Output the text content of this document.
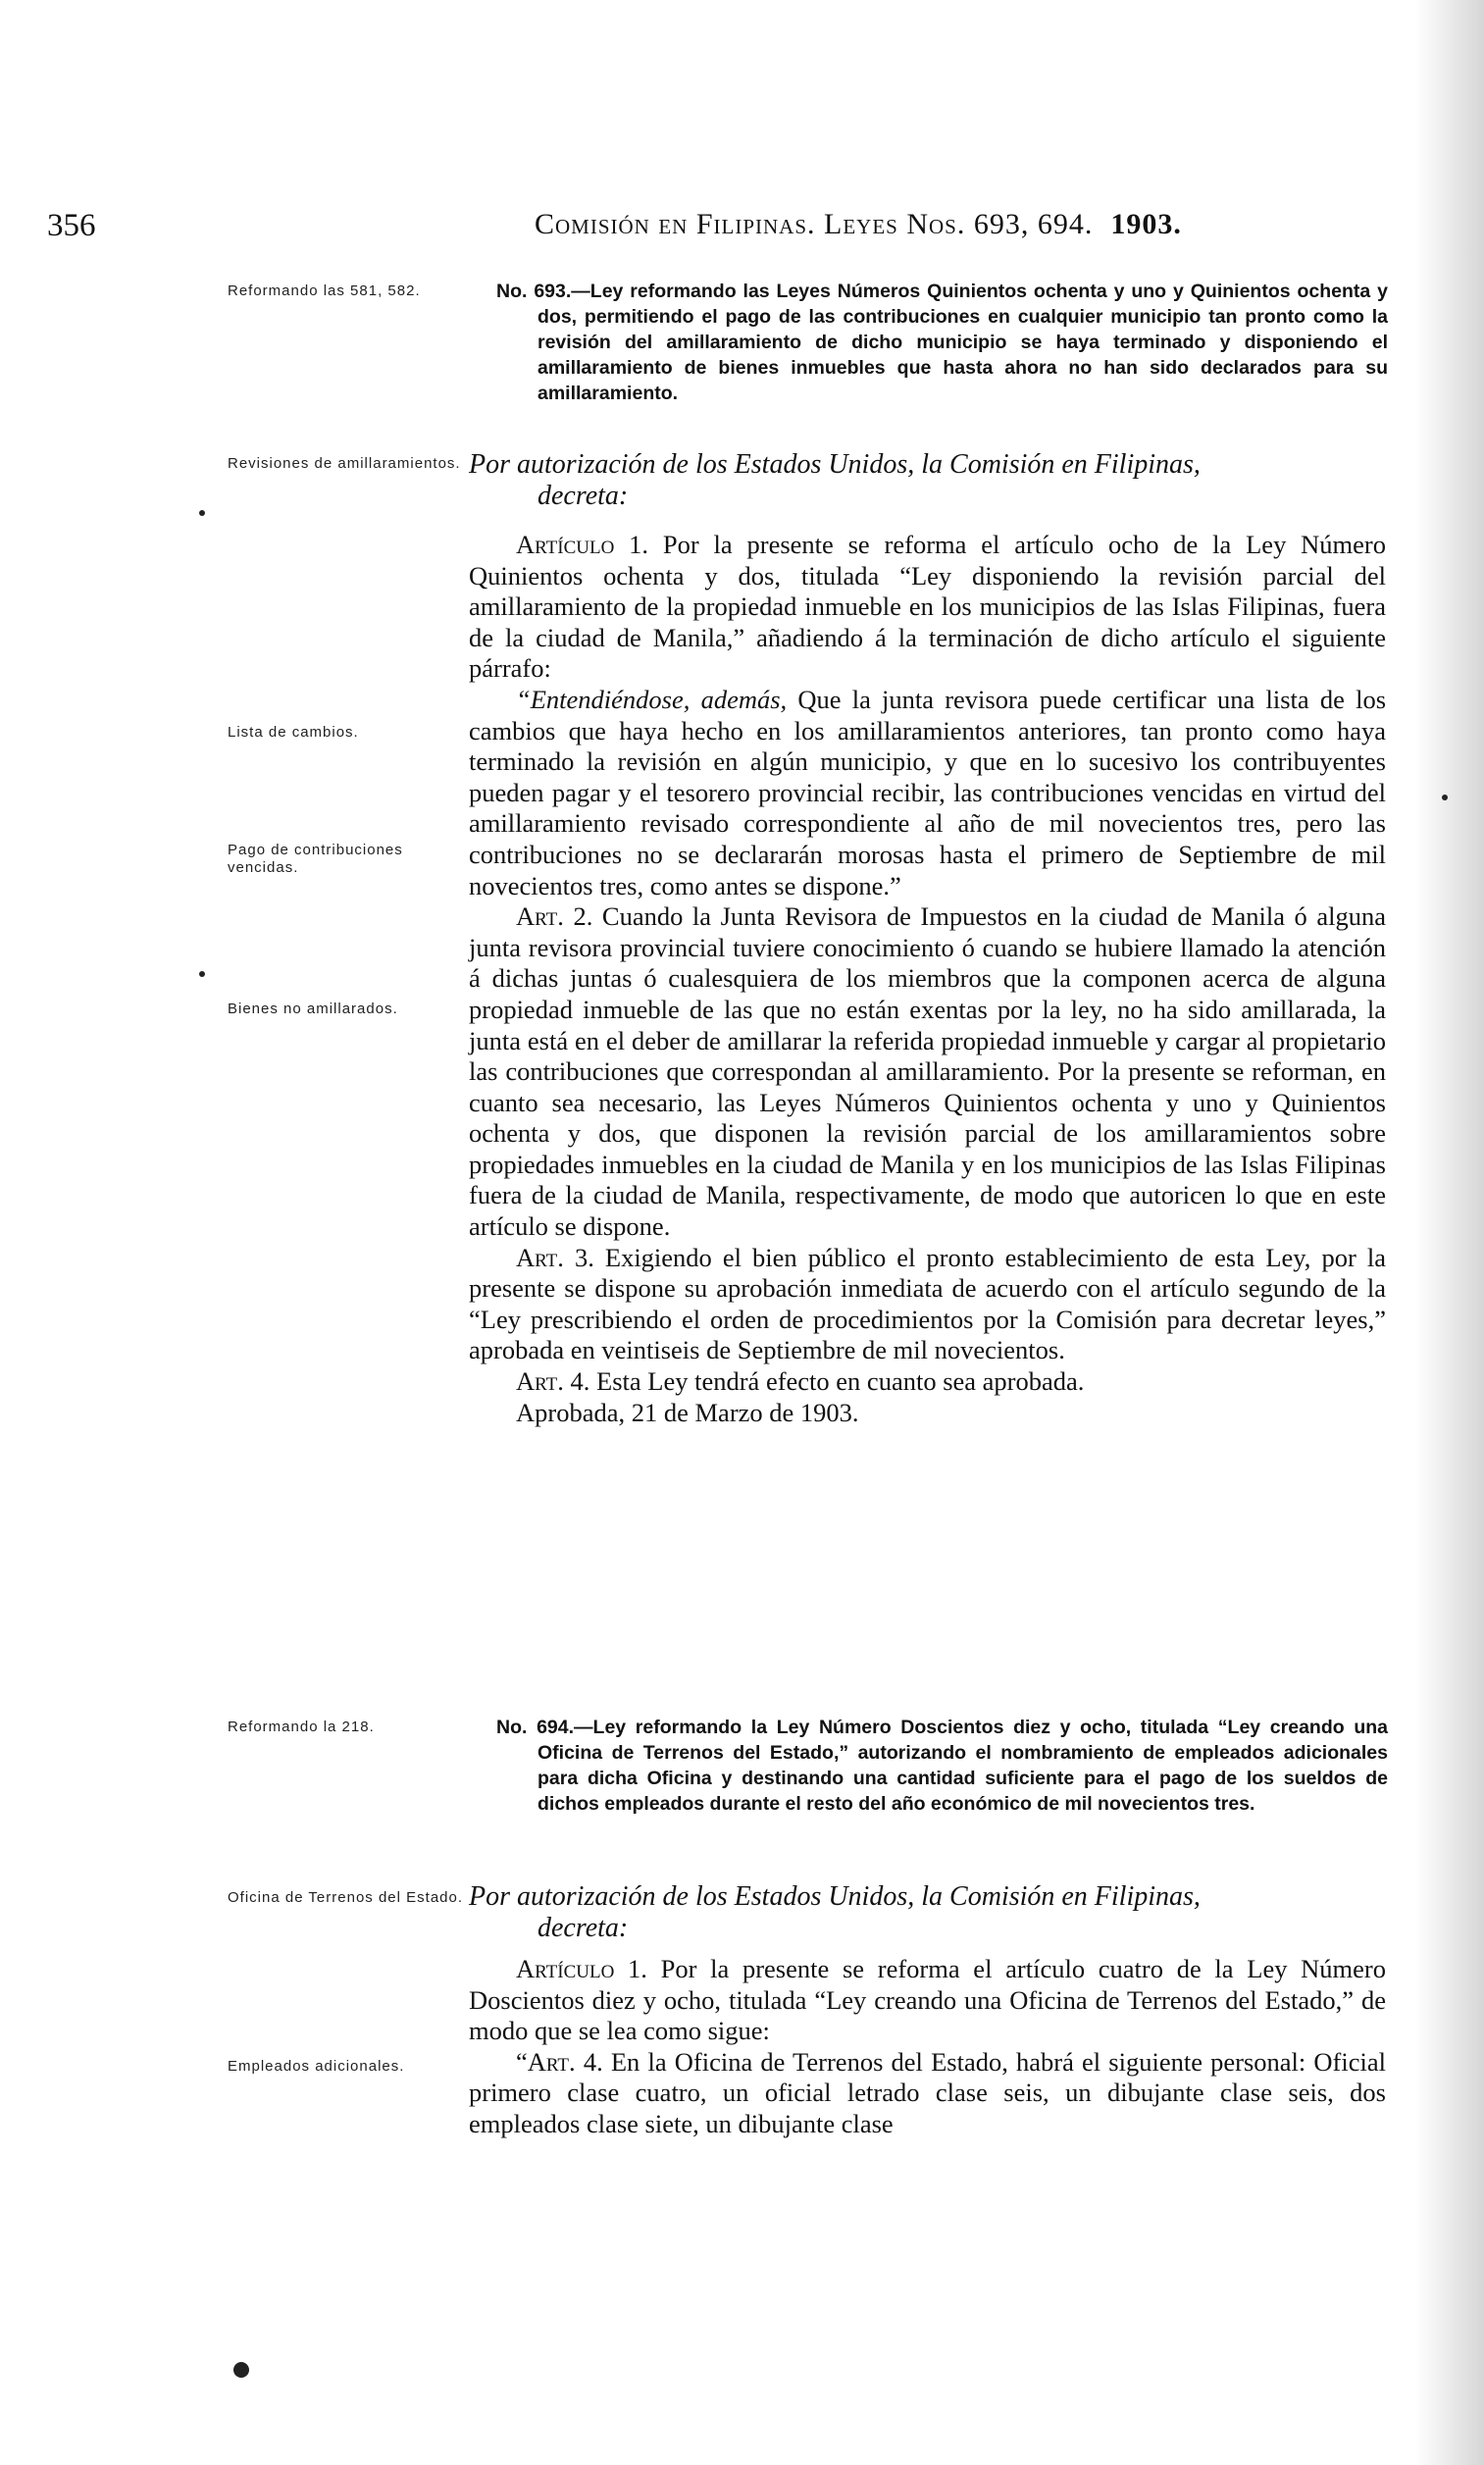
356	Comisión en Filipinas. Leyes Nos. 693, 694. 1903.
Reformando las 581, 582.	No. 693.—Ley reformando las Leyes Números Quinientos ochenta y uno y Quinientos ochenta y dos, permitiendo el pago de las contribuciones en cualquier municipio tan pronto como la revisión del amillaramiento de dicho municipio se haya terminado y disponiendo el amillaramiento de bienes inmuebles que hasta ahora no han sido declarados para su amillaramiento.
Revisiones de amillaramientos. Por autorización de los Estados Unidos, la Comisión en Filipinas,
decreta:
Lista de cambios.
Pago de contribuciones vencidas.
Bienes no amillarados.

Artículo 1. Por la presente se reforma el artículo ocho de la Ley Número Quinientos ochenta y dos, titulada “Ley disponiendo la revisión parcial del amillaramiento de la propiedad inmueble en los municipios de las Islas Filipinas, fuera de la ciudad de Manila,” añadiendo á la terminación de dicho artículo el siguiente párrafo:

“Entendiéndose, además, Que la junta revisora puede certificar una lista de los cambios que haya hecho en los amillaramientos anteriores, tan pronto como haya terminado la revisión en algún municipio, y que en lo sucesivo los contribuyentes pueden pagar y el tesorero provincial recibir, las contribuciones vencidas en virtud del amillaramiento revisado correspondiente al año de mil novecientos tres, pero las contribuciones no se declararán morosas hasta el primero de Septiembre de mil novecientos tres, como antes se dispone.”

Art. 2. Cuando la Junta Revisora de Impuestos en la ciudad de Manila ó alguna junta revisora provincial tuviere conocimiento ó cuando se hubiere llamado la atención á dichas juntas ó cualesquiera de los miembros que la componen acerca de alguna propiedad inmueble de las que no están exentas por la ley, no ha sido amillarada, la junta está en el deber de amillarar la referida propiedad inmueble y cargar al propietario las contribuciones que correspondan al amillaramiento. Por la presente se reforman, en cuanto sea necesario, las Leyes Números Quinientos ochenta y uno y Quinientos ochenta y dos, que disponen la revisión parcial de los amillaramientos sobre propiedades inmuebles en la ciudad de Manila y en los municipios de las Islas Filipinas fuera de la ciudad de Manila, respectivamente, de modo que autoricen lo que en este artículo se dispone.

Art. 3. Exigiendo el bien público el pronto establecimiento de esta Ley, por la presente se dispone su aprobación inmediata de acuerdo con el artículo segundo de la “Ley prescribiendo el orden de procedimientos por la Comisión para decretar leyes,” aprobada en veintiseis de Septiembre de mil novecientos.

Art. 4. Esta Ley tendrá efecto en cuanto sea aprobada.

Aprobada, 21 de Marzo de 1903.

Reformando la 218.	No. 694.—Ley reformando la Ley Número Doscientos diez y ocho, titulada “Ley creando una Oficina de Terrenos del Estado,” autorizando el nombramiento de empleados adicionales para dicha Oficina y destinando una cantidad suficiente para el pago de los sueldos de dichos empleados durante el resto del año económico de mil novecientos tres.
Oficina de Terrenos del Estado. Por autorización de los Estados Unidos, la Comisión en Filipinas,
decreta:
Empleados adicionales.

Artículo 1. Por la presente se reforma el artículo cuatro de la Ley Número Doscientos diez y ocho, titulada “Ley creando una Oficina de Terrenos del Estado,” de modo que se lea como sigue:

“Art. 4. En la Oficina de Terrenos del Estado, habrá el siguiente personal: Oficial primero clase cuatro, un oficial letrado clase seis, un dibujante clase seis, dos empleados clase siete, un dibujante clase
